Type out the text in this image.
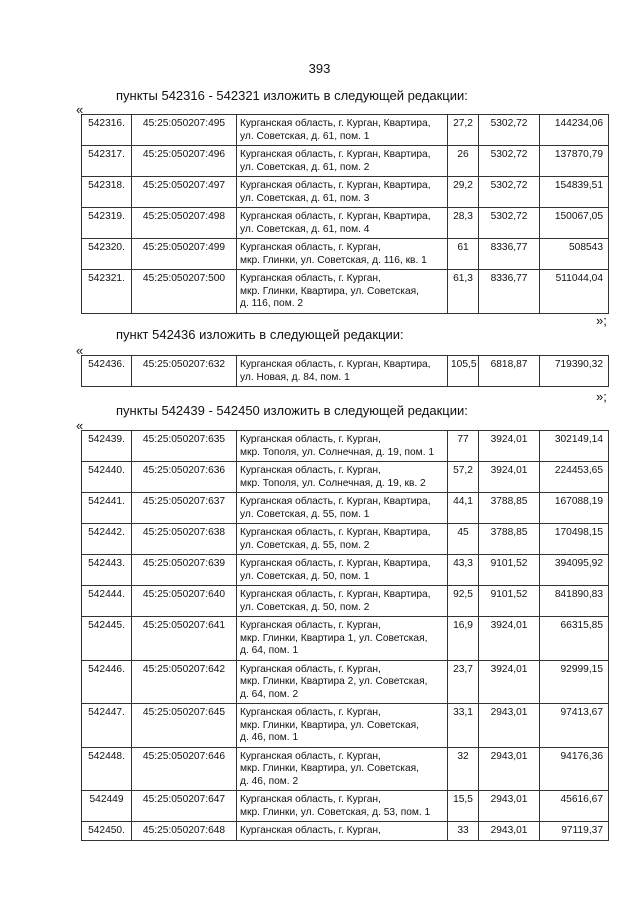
393
пункты 542316 - 542321 изложить в следующей редакции:
«
542316.	45:25:050207:495	Курганская область, г. Курган, Квартира,
ул. Советская, д. 61, пом. 1	27,2	5302,72	144234,06
542317.	45:25:050207:496	Курганская область, г. Курган, Квартира,
ул. Советская, д. 61, пом. 2	26	5302,72	137870,79
542318.	45:25:050207:497	Курганская область, г. Курган, Квартира,
ул. Советская, д. 61, пом. 3	29,2	5302,72	154839,51
542319.	45:25:050207:498	Курганская область, г. Курган, Квартира,
ул. Советская, д. 61, пом. 4	28,3	5302,72	150067,05
542320.	45:25:050207:499	Курганская область, г. Курган,
мкр. Глинки, ул. Советская, д. 116, кв. 1	61	8336,77	508543
542321.	45:25:050207:500	Курганская область, г. Курган,
мкр. Глинки, Квартира, ул. Советская,
д. 116, пом. 2	61,3	8336,77	511044,04
»;
пункт 542436 изложить в следующей редакции:
«
542436.	45:25:050207:632	Курганская область, г. Курган, Квартира,
ул. Новая, д. 84, пом. 1	105,5	6818,87	719390,32
»;
пункты 542439 - 542450 изложить в следующей редакции:
«
542439.	45:25:050207:635	Курганская область, г. Курган,
мкр. Тополя, ул. Солнечная, д. 19, пом. 1	77	3924,01	302149,14
542440.	45:25:050207:636	Курганская область, г. Курган,
мкр. Тополя, ул. Солнечная, д. 19, кв. 2	57,2	3924,01	224453,65
542441.	45:25:050207:637	Курганская область, г. Курган, Квартира,
ул. Советская, д. 55, пом. 1	44,1	3788,85	167088,19
542442.	45:25:050207:638	Курганская область, г. Курган, Квартира,
ул. Советская, д. 55, пом. 2	45	3788,85	170498,15
542443.	45:25:050207:639	Курганская область, г. Курган, Квартира,
ул. Советская, д. 50, пом. 1	43,3	9101,52	394095,92
542444.	45:25:050207:640	Курганская область, г. Курган, Квартира,
ул. Советская, д. 50, пом. 2	92,5	9101,52	841890,83
542445.	45:25:050207:641	Курганская область, г. Курган,
мкр. Глинки, Квартира 1, ул. Советская,
д. 64, пом. 1	16,9	3924,01	66315,85
542446.	45:25:050207:642	Курганская область, г. Курган,
мкр. Глинки, Квартира 2, ул. Советская,
д. 64, пом. 2	23,7	3924,01	92999,15
542447.	45:25:050207:645	Курганская область, г. Курган,
мкр. Глинки, Квартира, ул. Советская,
д. 46, пом. 1	33,1	2943,01	97413,67
542448.	45:25:050207:646	Курганская область, г. Курган,
мкр. Глинки, Квартира, ул. Советская,
д. 46, пом. 2	32	2943,01	94176,36
542449	45:25:050207:647	Курганская область, г. Курган,
мкр. Глинки, ул. Советская, д. 53, пом. 1	15,5	2943,01	45616,67
542450.	45:25:050207:648	Курганская область, г. Курган,	33	2943,01	97119,37
